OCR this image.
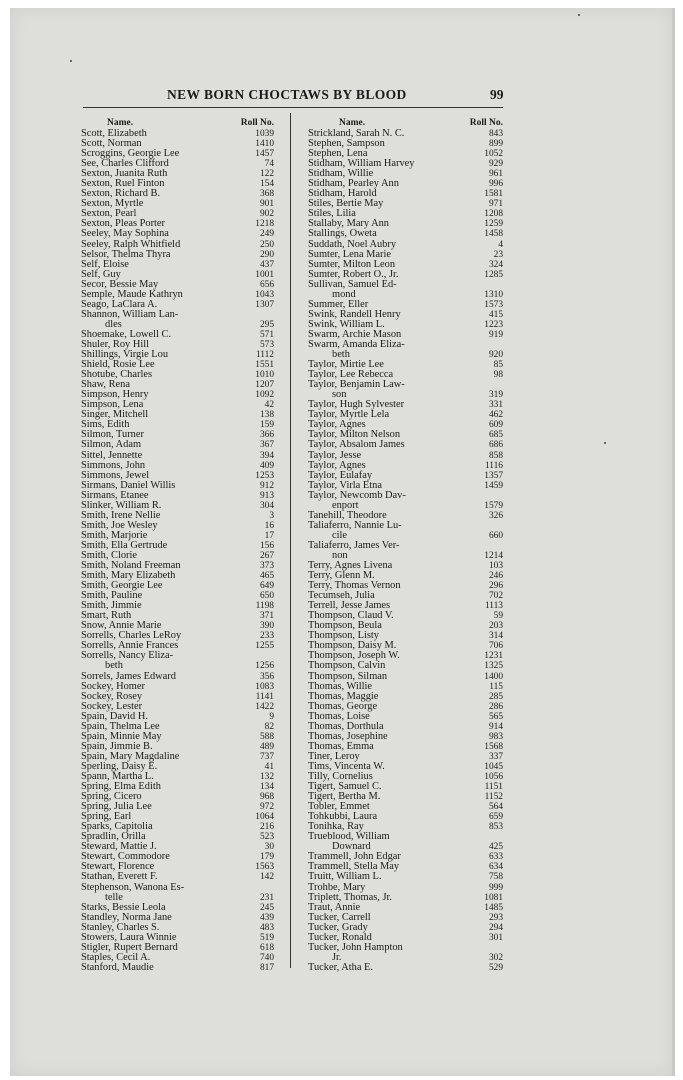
NEW BORN CHOCTAWS BY BLOOD	99
Name.	Roll No.
Scott, Elizabeth	1039
Scott, Norman	1410
Scroggins, Georgie Lee	1457
See, Charles Clifford	74
Sexton, Juanita Ruth	122
Sexton, Ruel Finton	154
Sexton, Richard B.	368
Sexton, Myrtle	901
Sexton, Pearl	902
Sexton, Pleas Porter	1218
Seeley, May Sophina	249
Seeley, Ralph Whitfield	250
Selsor, Thelma Thyra	290
Self, Eloise	437
Self, Guy	1001
Secor, Bessie May	656
Semple, Maude Kathryn	1043
Seago, LaClara A.	1307
Shannon, William Lan-
dles	295
Shoemake, Lowell C.	571
Shuler, Roy Hill	573
Shillings, Virgie Lou	1112
Shield, Rosie Lee	1551
Shotube, Charles	1010
Shaw, Rena	1207
Simpson, Henry	1092
Simpson, Lena	42
Singer, Mitchell	138
Sims, Edith	159
Silmon, Turner	366
Silmon, Adam	367
Sittel, Jennette	394
Simmons, John	409
Simmons, Jewel	1253
Sirmans, Daniel Willis	912
Sirmans, Etanee	913
Slinker, William R.	304
Smith, Irene Nellie	3
Smith, Joe Wesley	16
Smith, Marjorie	17
Smith, Ella Gertrude	156
Smith, Clorie	267
Smith, Noland Freeman	373
Smith, Mary Elizabeth	465
Smith, Georgie Lee	649
Smith, Pauline	650
Smith, Jimmie	1198
Smart, Ruth	371
Snow, Annie Marie	390
Sorrells, Charles LeRoy	233
Sorrells, Annie Frances	1255
Sorrells, Nancy Eliza-
beth	1256
Sorrels, James Edward	356
Sockey, Homer	1083
Sockey, Rosey	1141
Sockey, Lester	1422
Spain, David H.	9
Spain, Thelma Lee	82
Spain, Minnie May	588
Spain, Jimmie B.	489
Spain, Mary Magdaline	737
Sperling, Daisy E.	41
Spann, Martha L.	132
Spring, Elma Edith	134
Spring, Cicero	968
Spring, Julia Lee	972
Spring, Earl	1064
Sparks, Capitolia	216
Spradlin, Orilla	523
Steward, Mattie J.	30
Stewart, Commodore	179
Stewart, Florence	1563
Stathan, Everett F.	142
Stephenson, Wanona Es-
telle	231
Starks, Bessie Leola	245
Standley, Norma Jane	439
Stanley, Charles S.	483
Stowers, Laura Winnie	519
Stigler, Rupert Bernard	618
Staples, Cecil A.	740
Stanford, Maudie	817
Name.	Roll No.
Strickland, Sarah N. C.	843
Stephen, Sampson	899
Stephen, Lena	1052
Stidham, William Harvey	929
Stidham, Willie	961
Stidham, Pearley Ann	996
Stidham, Harold	1581
Stiles, Bertie May	971
Stiles, Lilia	1208
Stallaby, Mary Ann	1259
Stallings, Oweta	1458
Suddath, Noel Aubry	4
Sumter, Lena Marie	23
Sumter, Milton Leon	324
Sumter, Robert O., Jr.	1285
Sullivan, Samuel Ed-
mond	1310
Summer, Eller	1573
Swink, Randell Henry	415
Swink, William L.	1223
Swarm, Archie Mason	919
Swarm, Amanda Eliza-
beth	920
Taylor, Mirtie Lee	85
Taylor, Lee Rebecca	98
Taylor, Benjamin Law-
son	319
Taylor, Hugh Sylvester	331
Taylor, Myrtle Lela	462
Taylor, Agnes	609
Taylor, Milton Nelson	685
Taylor, Absalom James	686
Taylor, Jesse	858
Taylor, Agnes	1116
Taylor, Eulafay	1357
Taylor, Virla Etna	1459
Taylor, Newcomb Dav-
enport	1579
Tanehill, Theodore	326
Taliaferro, Nannie Lu-
cile	660
Taliaferro, James Ver-
non	1214
Terry, Agnes Livena	103
Terry, Glenn M.	246
Terry, Thomas Vernon	296
Tecumseh, Julia	702
Terrell, Jesse James	1113
Thompson, Claud V.	59
Thompson, Beula	203
Thompson, Listy	314
Thompson, Daisy M.	706
Thompson, Joseph W.	1231
Thompson, Calvin	1325
Thompson, Silman	1400
Thomas, Willie	115
Thomas, Maggie	285
Thomas, George	286
Thomas, Loise	565
Thomas, Dorthula	914
Thomas, Josephine	983
Thomas, Emma	1568
Tiner, Leroy	337
Tims, Vincenta W.	1045
Tilly, Cornelius	1056
Tigert, Samuel C.	1151
Tigert, Bertha M.	1152
Tobler, Emmet	564
Tohkubbi, Laura	659
Tonihka, Ray	853
Trueblood, William
Downard	425
Trammell, John Edgar	633
Trammell, Stella May	634
Truitt, William L.	758
Trohbe, Mary	999
Triplett, Thomas, Jr.	1081
Traut, Annie	1485
Tucker, Carrell	293
Tucker, Grady	294
Tucker, Ronald	301
Tucker, John Hampton
Jr.	302
Tucker, Atha E.	529
